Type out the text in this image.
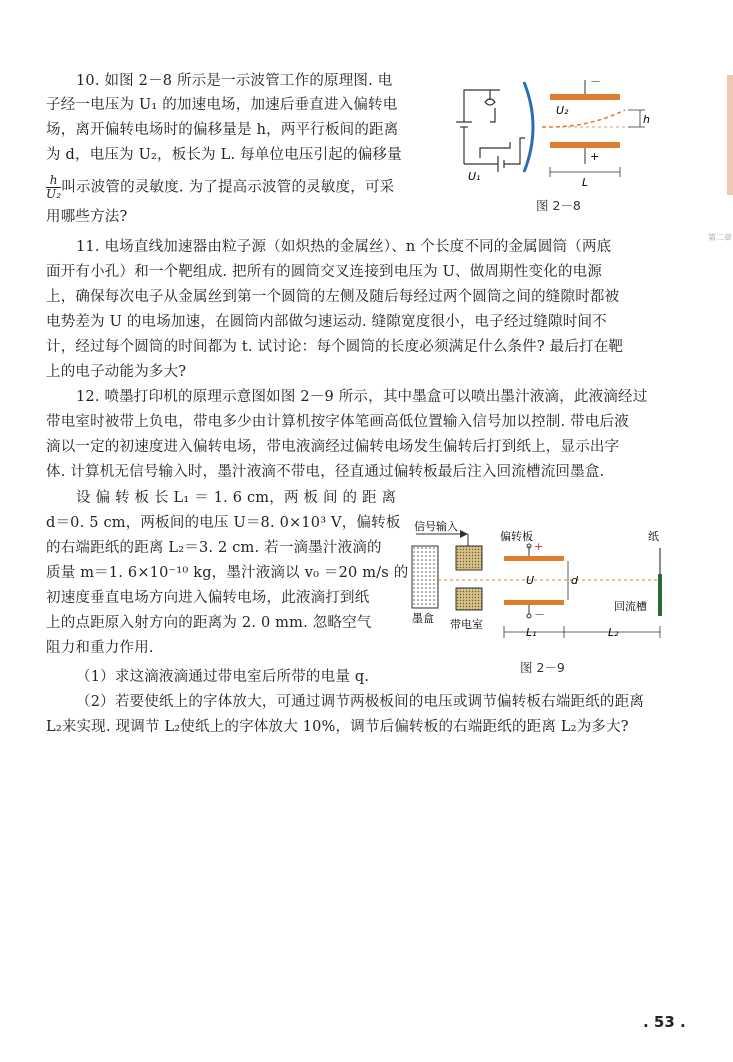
第二章
10. 如图 2－8 所示是一示波管工作的原理图. 电
子经一电压为 U₁ 的加速电场，加速后垂直进入偏转电
场，离开偏转电场时的偏移量是 h，两平行板间的距离
为 d，电压为 U₂，板长为 L. 每单位电压引起的偏移量
$\frac{h}{\text{U₂}}$ 叫示波管的灵敏度. 为了提高示波管的灵敏度，可采
用哪些方法?
－
+
U₂
h
L
U₁
图 2－8
11. 电场直线加速器由粒子源（如炽热的金属丝）、n 个长度不同的金属圆筒（两底
面开有小孔）和一个靶组成. 把所有的圆筒交叉连接到电压为 U、做周期性变化的电源
上，确保每次电子从金属丝到第一个圆筒的左侧及随后每经过两个圆筒之间的缝隙时都被
电势差为 U 的电场加速，在圆筒内部做匀速运动. 缝隙宽度很小，电子经过缝隙时间不
计，经过每个圆筒的时间都为 t. 试讨论：每个圆筒的长度必须满足什么条件? 最后打在靶
上的电子动能为多大?
12. 喷墨打印机的原理示意图如图 2－9 所示，其中墨盒可以喷出墨汁液滴，此液滴经过
带电室时被带上负电，带电多少由计算机按字体笔画高低位置输入信号加以控制. 带电后液
滴以一定的初速度进入偏转电场，带电液滴经过偏转电场发生偏转后打到纸上，显示出字
体. 计算机无信号输入时，墨汁液滴不带电，径直通过偏转板最后注入回流槽流回墨盒.
设 偏 转 板 长 L₁ ＝ 1. 6 cm，两 板 间 的 距 离
d＝0. 5 cm，两板间的电压 U＝8. 0×10³ V，偏转板
的右端距纸的距离 L₂＝3. 2 cm. 若一滴墨汁液滴的
质量 m＝1. 6×10⁻¹⁰ kg，墨汁液滴以 v₀ ＝20 m/s 的
初速度垂直电场方向进入偏转电场，此液滴打到纸
上的点距原入射方向的距离为 2. 0 mm. 忽略空气
阻力和重力作用.
信号输入
偏转板	纸
+
－
U	d
墨盒 带电室
回流槽
L₁	L₂
图 2－9
（1）求这滴液滴通过带电室后所带的电量 q.
（2）若要使纸上的字体放大，可通过调节两极板间的电压或调节偏转板右端距纸的距离
L₂来实现. 现调节 L₂使纸上的字体放大 10%，调节后偏转板的右端距纸的距离 L₂为多大?
. 53 .
